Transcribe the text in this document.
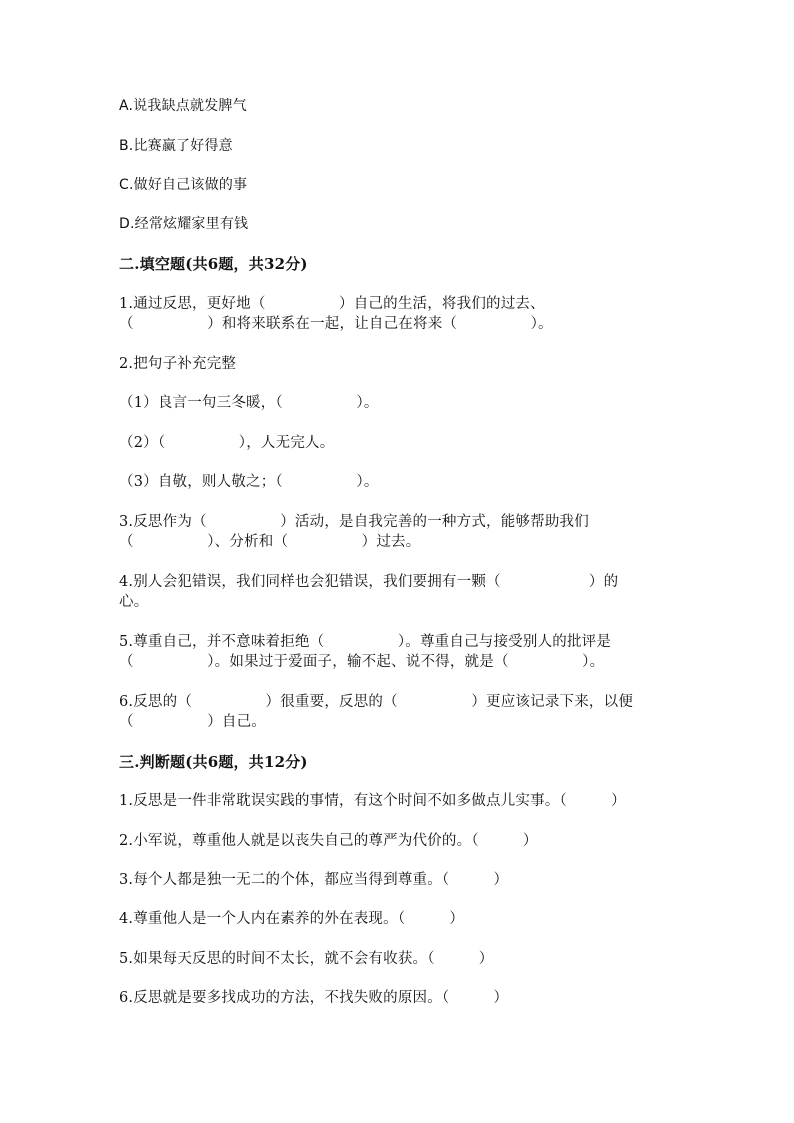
A.说我缺点就发脾气
B.比赛赢了好得意
C.做好自己该做的事
D.经常炫耀家里有钱
二.填空题(共6题，共32分)
1.通过反思，更好地（　　　　　）自己的生活，将我们的过去、
（　　　　　）和将来联系在一起，让自己在将来（　　　　　）。
2.把句子补充完整
（1）良言一句三冬暖，（　　　　　）。
（2）（　　　　　），人无完人。
（3）自敬，则人敬之；（　　　　　）。
3.反思作为（　　　　　）活动，是自我完善的一种方式，能够帮助我们
（　　　　　）、分析和（　　　　　）过去。
4.别人会犯错误，我们同样也会犯错误，我们要拥有一颗（　　　　　　）的
心。
5.尊重自己，并不意味着拒绝（　　　　　）。尊重自己与接受别人的批评是
（　　　　　）。如果过于爱面子，输不起、说不得，就是（　　　　　）。
6.反思的（　　　　　）很重要，反思的（　　　　　）更应该记录下来，以便
（　　　　　）自己。
三.判断题(共6题，共12分)
1.反思是一件非常耽误实践的事情，有这个时间不如多做点儿实事。（　　　）
2.小军说，尊重他人就是以丧失自己的尊严为代价的。（　　　）
3.每个人都是独一无二的个体，都应当得到尊重。（　　　）
4.尊重他人是一个人内在素养的外在表现。（　　　）
5.如果每天反思的时间不太长，就不会有收获。（　　　）
6.反思就是要多找成功的方法，不找失败的原因。（　　　）
